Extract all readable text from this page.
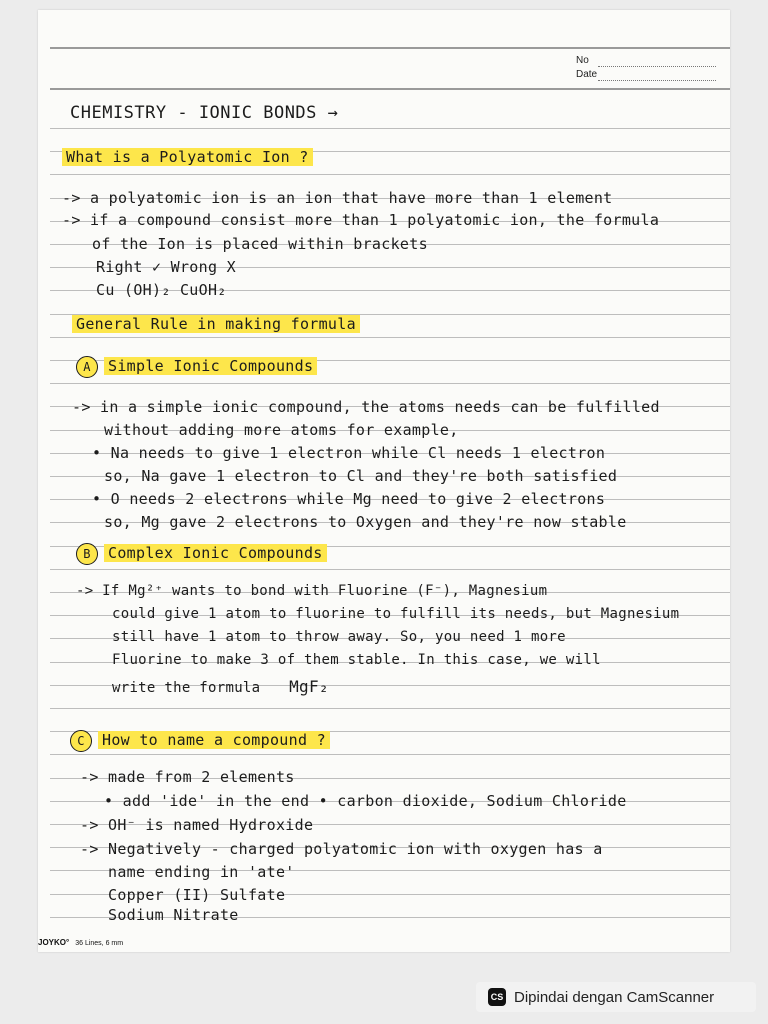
No
Date
CHEMISTRY - IONIC BONDS →
What is a Polyatomic Ion ?
-> a polyatomic ion is an ion that have more than 1 element
-> if a compound consist more than 1 polyatomic ion, the formula
of the Ion is placed within brackets
Right ✓ Wrong X
Cu (OH)₂ CuOH₂
General Rule in making formula
A Simple Ionic Compounds
-> in a simple ionic compound, the atoms needs can be fulfilled
without adding more atoms for example,
• Na needs to give 1 electron while Cl needs 1 electron
so, Na gave 1 electron to Cl and they're both satisfied
• O needs 2 electrons while Mg need to give 2 electrons
so, Mg gave 2 electrons to Oxygen and they're now stable
B Complex Ionic Compounds
-> If Mg²⁺ wants to bond with Fluorine (F⁻), Magnesium
could give 1 atom to fluorine to fulfill its needs, but Magnesium
still have 1 atom to throw away. So, you need 1 more
Fluorine to make 3 of them stable. In this case, we will
write the formula MgF₂
C How to name a compound ?
-> made from 2 elements
• add 'ide' in the end • carbon dioxide, Sodium Chloride
-> OH⁻ is named Hydroxide
-> Negatively - charged polyatomic ion with oxygen has a
name ending in 'ate'
Copper (II) Sulfate
Sodium Nitrate
JOYKO° 36 Lines, 6 mm
CS Dipindai dengan CamScanner
